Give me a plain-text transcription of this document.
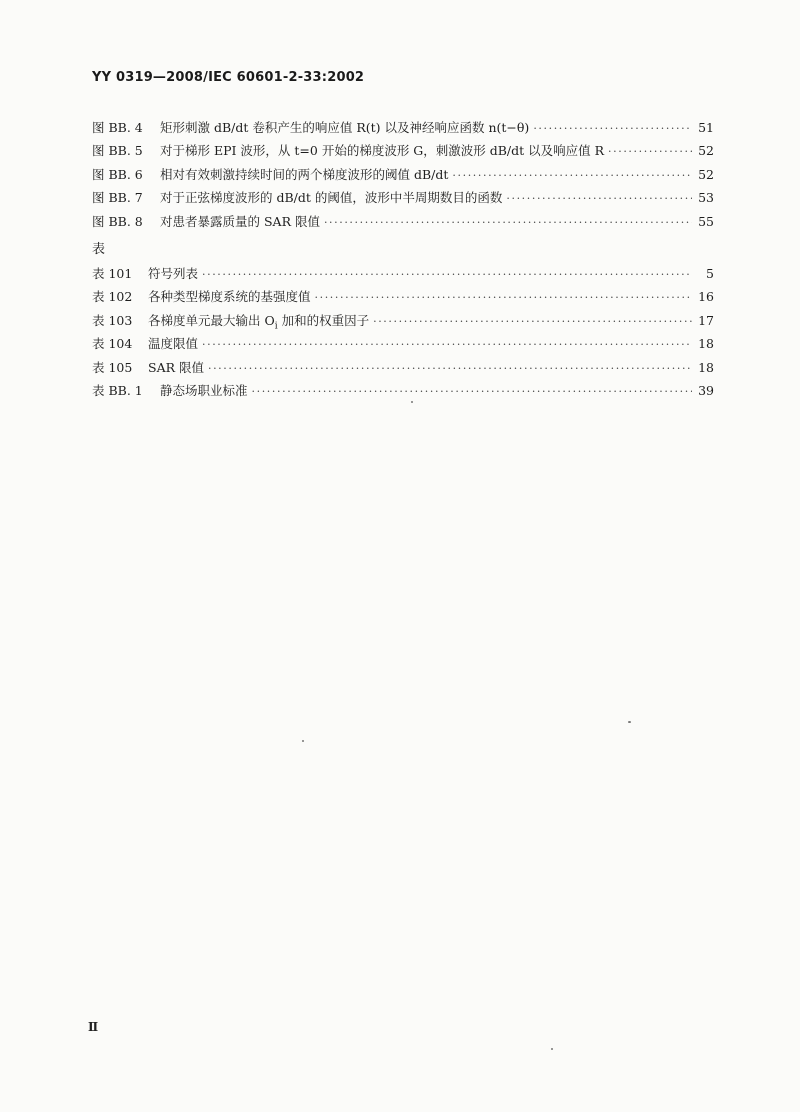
YY 0319—2008/IEC 60601-2-33:2002
图 BB. 4	矩形刺激 dB/dt 卷积产生的响应值 R(t) 以及神经响应函数 n(t−θ) ·····	51
图 BB. 5	对于梯形 EPI 波形，从 t=0 开始的梯度波形 G，刺激波形 dB/dt 以及响应值 R ·····	52
图 BB. 6	相对有效刺激持续时间的两个梯度波形的阈值 dB/dt ·····	52
图 BB. 7	对于正弦梯度波形的 dB/dt 的阈值，波形中半周期数目的函数 ·····	53
图 BB. 8	对患者暴露质量的 SAR 限值 ·····	55
表
表 101	符号列表 ·····	5
表 102	各种类型梯度系统的基强度值 ·····	16
表 103	各梯度单元最大输出 $O_i$ 加和的权重因子 ·····	17
表 104	温度限值 ·····	18
表 105	SAR 限值 ·····	18
表 BB. 1	静态场职业标准 ·····	39
Ⅱ
